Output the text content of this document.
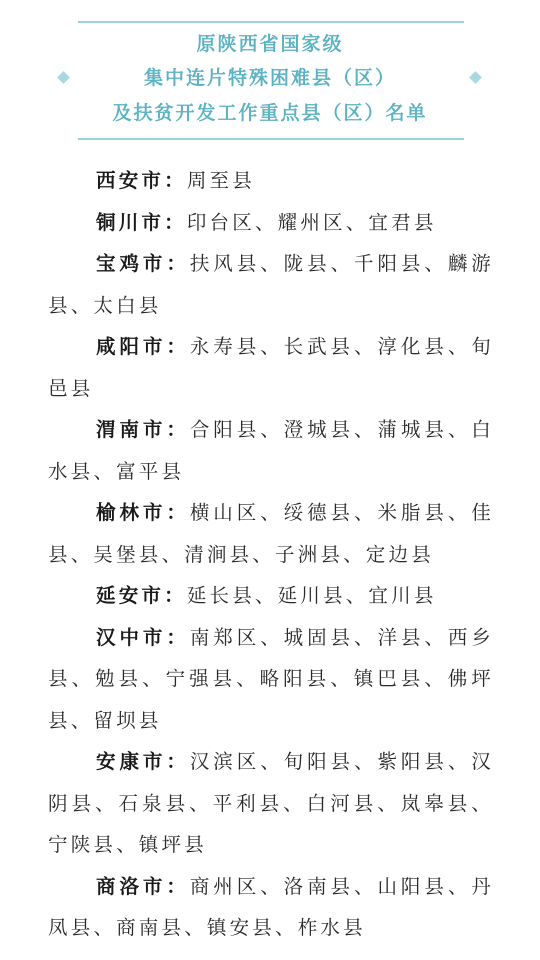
原陕西省国家级
集中连片特殊困难县（区）
及扶贫开发工作重点县（区）名单

西安市：周至县

铜川市：印台区、耀州区、宜君县

宝鸡市：扶风县、陇县、千阳县、麟游县、太白县

咸阳市：永寿县、长武县、淳化县、旬邑县

渭南市：合阳县、澄城县、蒲城县、白水县、富平县

榆林市：横山区、绥德县、米脂县、佳县、吴堡县、清涧县、子洲县、定边县

延安市：延长县、延川县、宜川县

汉中市：南郑区、城固县、洋县、西乡县、勉县、宁强县、略阳县、镇巴县、佛坪县、留坝县

安康市：汉滨区、旬阳县、紫阳县、汉阴县、石泉县、平利县、白河县、岚皋县、宁陕县、镇坪县

商洛市：商州区、洛南县、山阳县、丹凤县、商南县、镇安县、柞水县
